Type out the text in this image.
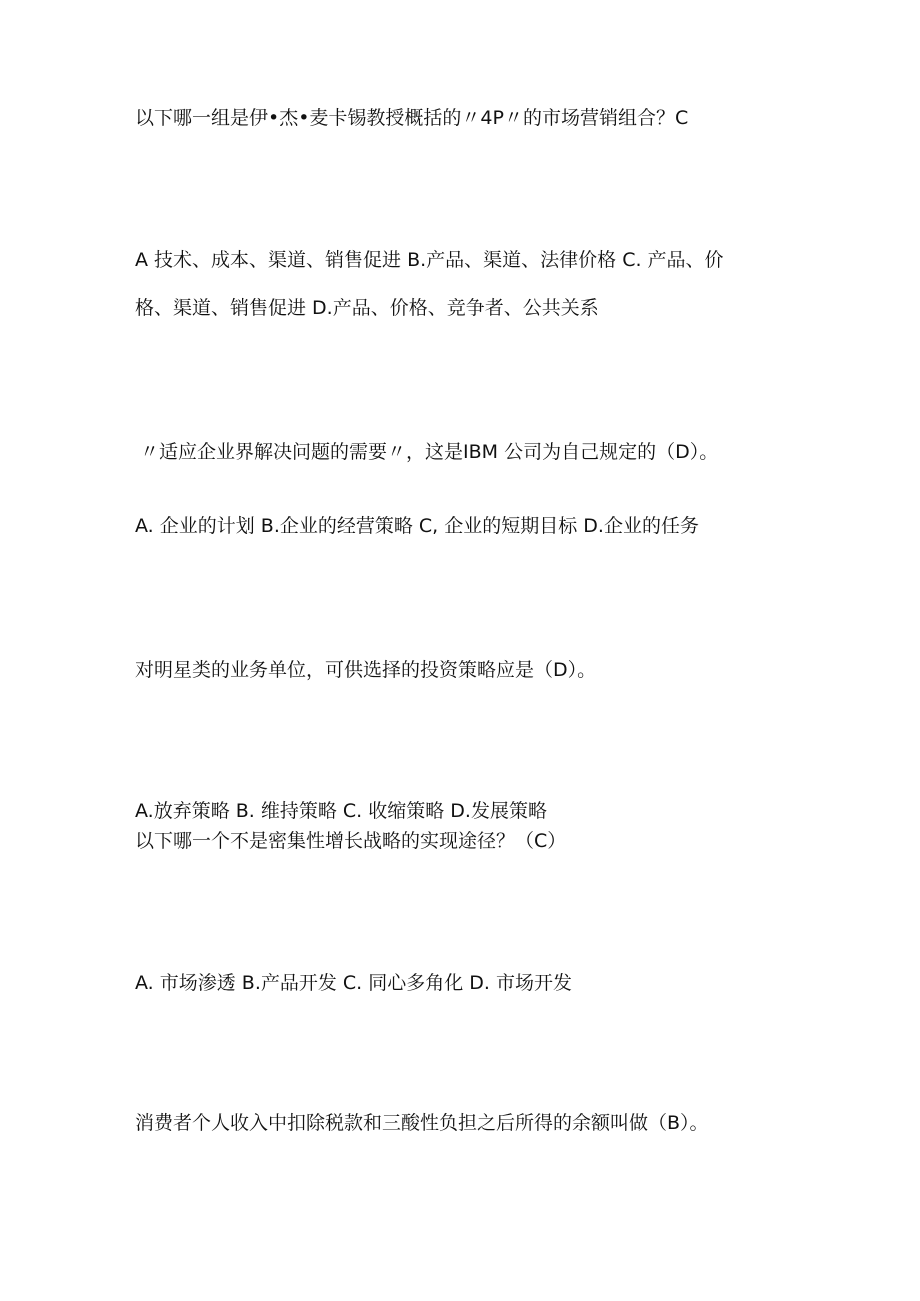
以下哪一组是伊•杰•麦卡锡教授概括的〃4P〃的市场营销组合？C
A 技术、成本、渠道、销售促进 B.产品、渠道、法律价格 C. 产品、价
格、渠道、销售促进 D.产品、价格、竞争者、公共关系
〃适应企业界解决问题的需要〃，这是IBM 公司为自己规定的（D）。
A. 企业的计划 B.企业的经营策略 C, 企业的短期目标 D.企业的任务
对明星类的业务单位，可供选择的投资策略应是（D）。
A.放弃策略 B. 维持策略 C. 收缩策略 D.发展策略
以下哪一个不是密集性增长战略的实现途径？（C）
A. 市场渗透 B.产品开发 C. 同心多角化 D. 市场开发
消费者个人收入中扣除税款和三酸性负担之后所得的余额叫做（B）。
